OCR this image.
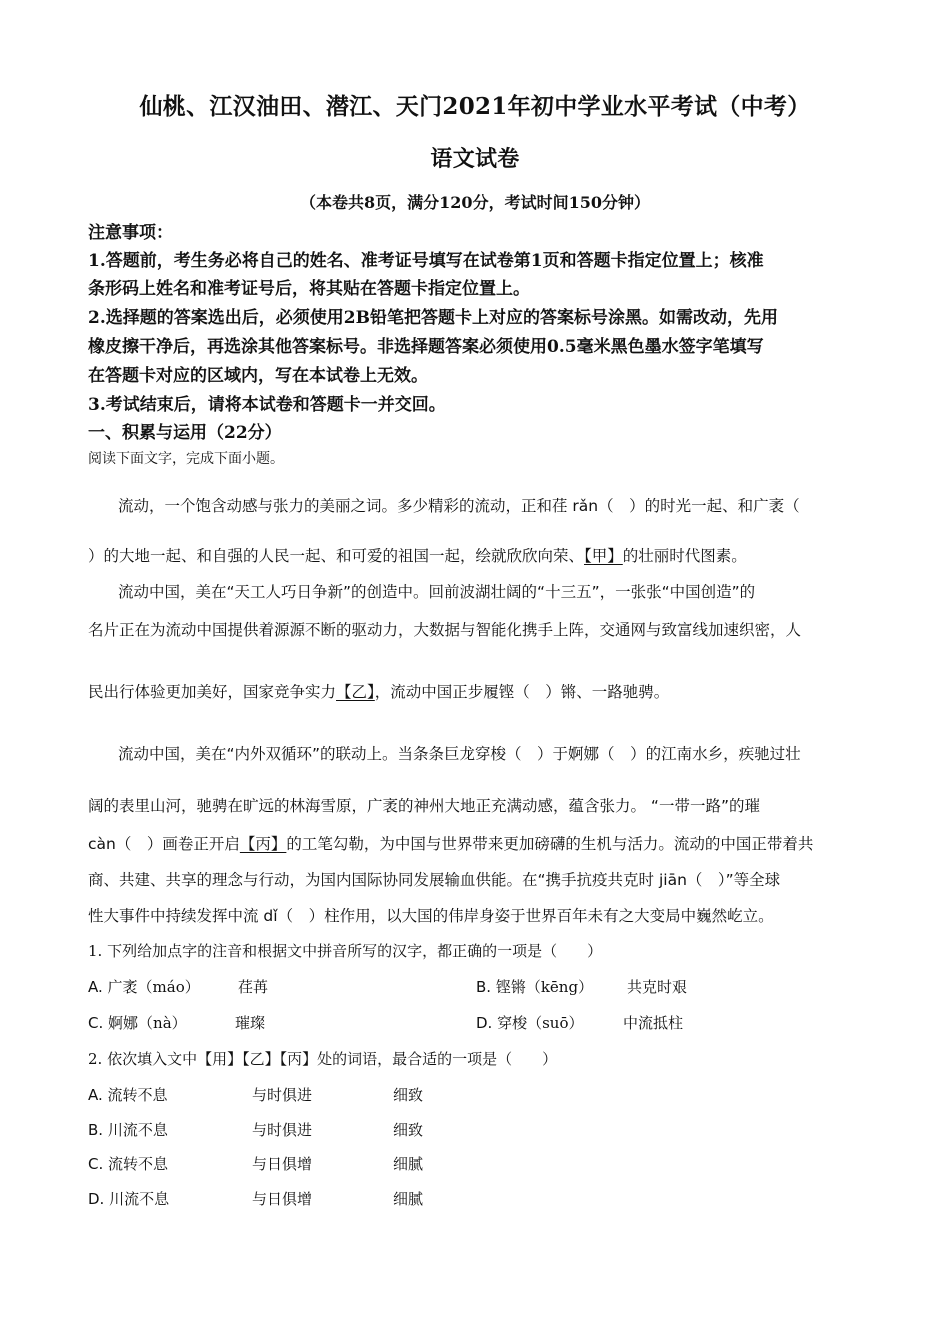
仙桃、江汉油田、潜江、天门2021年初中学业水平考试（中考）
语文试卷
（本卷共8页，满分120分，考试时间150分钟）
注意事项：
1.答题前，考生务必将自己的姓名、准考证号填写在试卷第1页和答题卡指定位置上；核准
条形码上姓名和准考证号后，将其贴在答题卡指定位置上。
2.选择题的答案选出后，必须使用2B铅笔把答题卡上对应的答案标号涂黑。如需改动，先用
橡皮擦干净后，再选涂其他答案标号。非选择题答案必须使用0.5毫米黑色墨水签字笔填写
在答题卡对应的区域内，写在本试卷上无效。
3.考试结束后，请将本试卷和答题卡一并交回。
一、积累与运用（22分）
阅读下面文字，完成下面小题。
流动，一个饱含动感与张力的美丽之词。多少精彩的流动，正和荏 rǎn（　）的时光一起、和广袤（
）的大地一起、和自强的人民一起、和可爱的祖国一起，绘就欣欣向荣、【甲】的壮丽时代图素。
流动中国，美在“天工人巧日争新”的创造中。回前波湖壮阔的“十三五”，一张张“中国创造”的
名片正在为流动中国提供着源源不断的驱动力，大数据与智能化携手上阵，交通网与致富线加速织密，人
民出行体验更加美好，国家竞争实力【乙】，流动中国正步履铿（　）锵、一路驰骋。
流动中国，美在“内外双循环”的联动上。当条条巨龙穿梭（　）于婀娜（　）的江南水乡，疾驰过壮
阔的表里山河，驰骋在旷远的林海雪原，广袤的神州大地正充满动感，蕴含张力。 “一带一路”的璀
càn（　）画卷正开启【丙】的工笔勾勒，为中国与世界带来更加磅礴的生机与活力。流动的中国正带着共
商、共建、共享的理念与行动，为国内国际协同发展输血供能。在“携手抗疫共克时 jiān（　）”等全球
性大事件中持续发挥中流 dǐ（　）柱作用，以大国的伟岸身姿于世界百年未有之大变局中巍然屹立。
1. 下列给加点字的注音和根据文中拼音所写的汉字，都正确的一项是（　　）
A. 广袤（máo）	荏苒	B. 铿锵（kēng） 共克时艰
C. 婀娜（nà）	璀璨	D. 穿梭（suō）	中流抵柱
2. 依次填入文中【用】【乙】【丙】处的词语，最合适的一项是（　　）
A. 流转不息	与时俱进	细致
B. 川流不息	与时俱进	细致
C. 流转不息	与日俱增	细腻
D. 川流不息	与日俱增	细腻
